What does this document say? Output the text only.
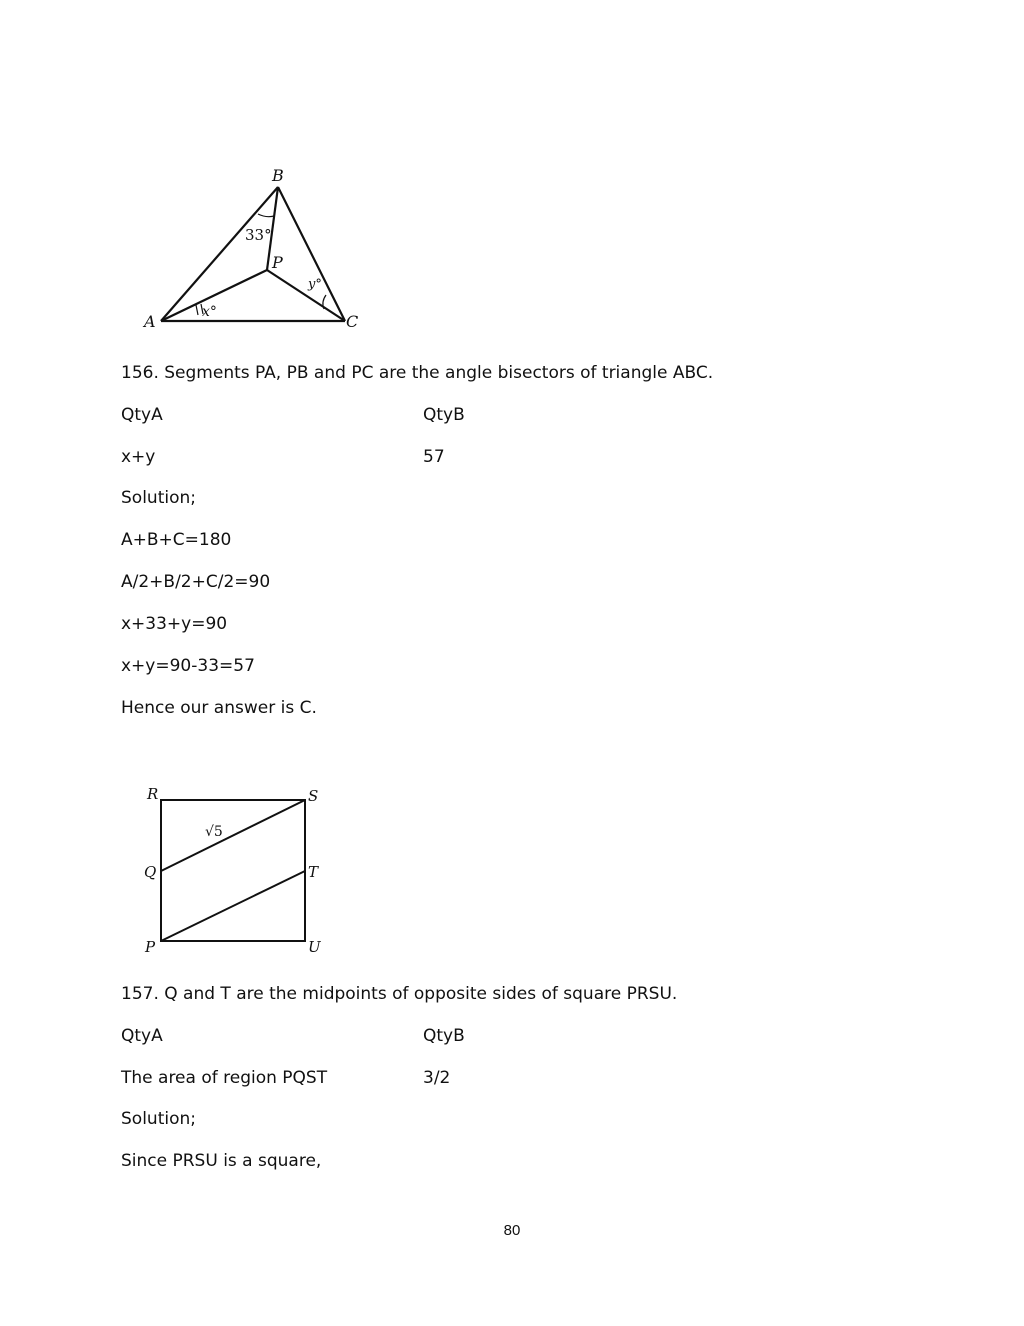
B
A	C
P
33°
x°
y°
156. Segments PA, PB and PC are the angle bisectors of triangle ABC.
QtyA	QtyB
x+y	57
Solution;
A+B+C=180
A/2+B/2+C/2=90
x+33+y=90
x+y=90-33=57
Hence our answer is C.
R	S
Q	T
P	U
√5
157. Q and T are the midpoints of opposite sides of square PRSU.
QtyA	QtyB
The area of region PQST	3/2
Solution;
Since PRSU is a square,
80
